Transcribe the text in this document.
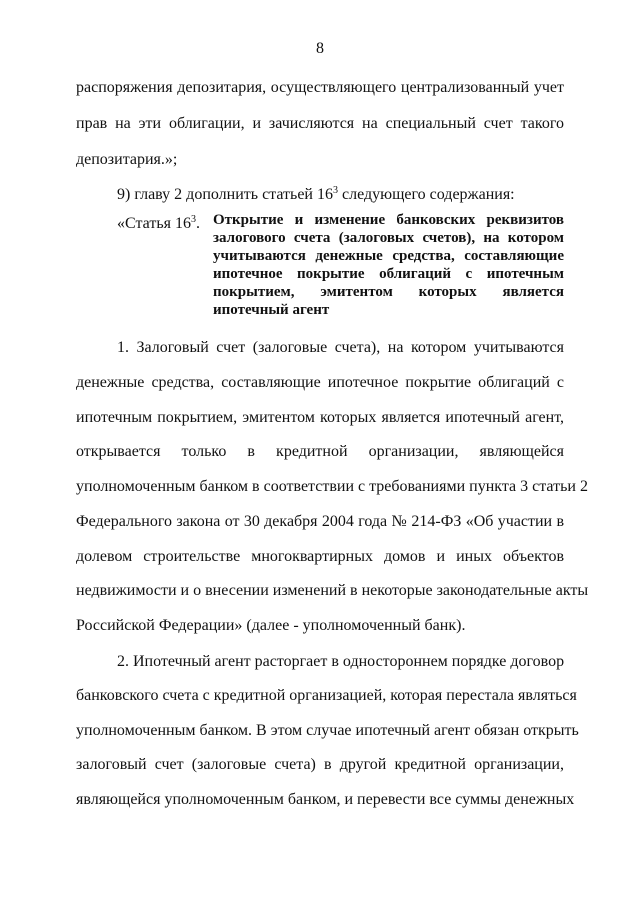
8
распоряжения депозитария, осуществляющего централизованный учет
прав на эти облигации, и зачисляются на специальный счет такого
депозитария.»;
9) главу 2 дополнить статьей $16^3$ следующего содержания:
«Статья $16^3$. Открытие и изменение банковских реквизитов
залогового счета (залоговых счетов), на котором
учитываются денежные средства, составляющие
ипотечное покрытие облигаций с ипотечным
покрытием, эмитентом которых является
ипотечный агент
1. Залоговый счет (залоговые счета), на котором учитываются
денежные средства, составляющие ипотечное покрытие облигаций с
ипотечным покрытием, эмитентом которых является ипотечный агент,
открывается только в кредитной организации, являющейся
уполномоченным банком в соответствии с требованиями пункта 3 статьи 2
Федерального закона от 30 декабря 2004 года № 214-ФЗ «Об участии в
долевом строительстве многоквартирных домов и иных объектов
недвижимости и о внесении изменений в некоторые законодательные акты
Российской Федерации» (далее - уполномоченный банк).
2. Ипотечный агент расторгает в одностороннем порядке договор
банковского счета с кредитной организацией, которая перестала являться
уполномоченным банком. В этом случае ипотечный агент обязан открыть
залоговый счет (залоговые счета) в другой кредитной организации,
являющейся уполномоченным банком, и перевести все суммы денежных
